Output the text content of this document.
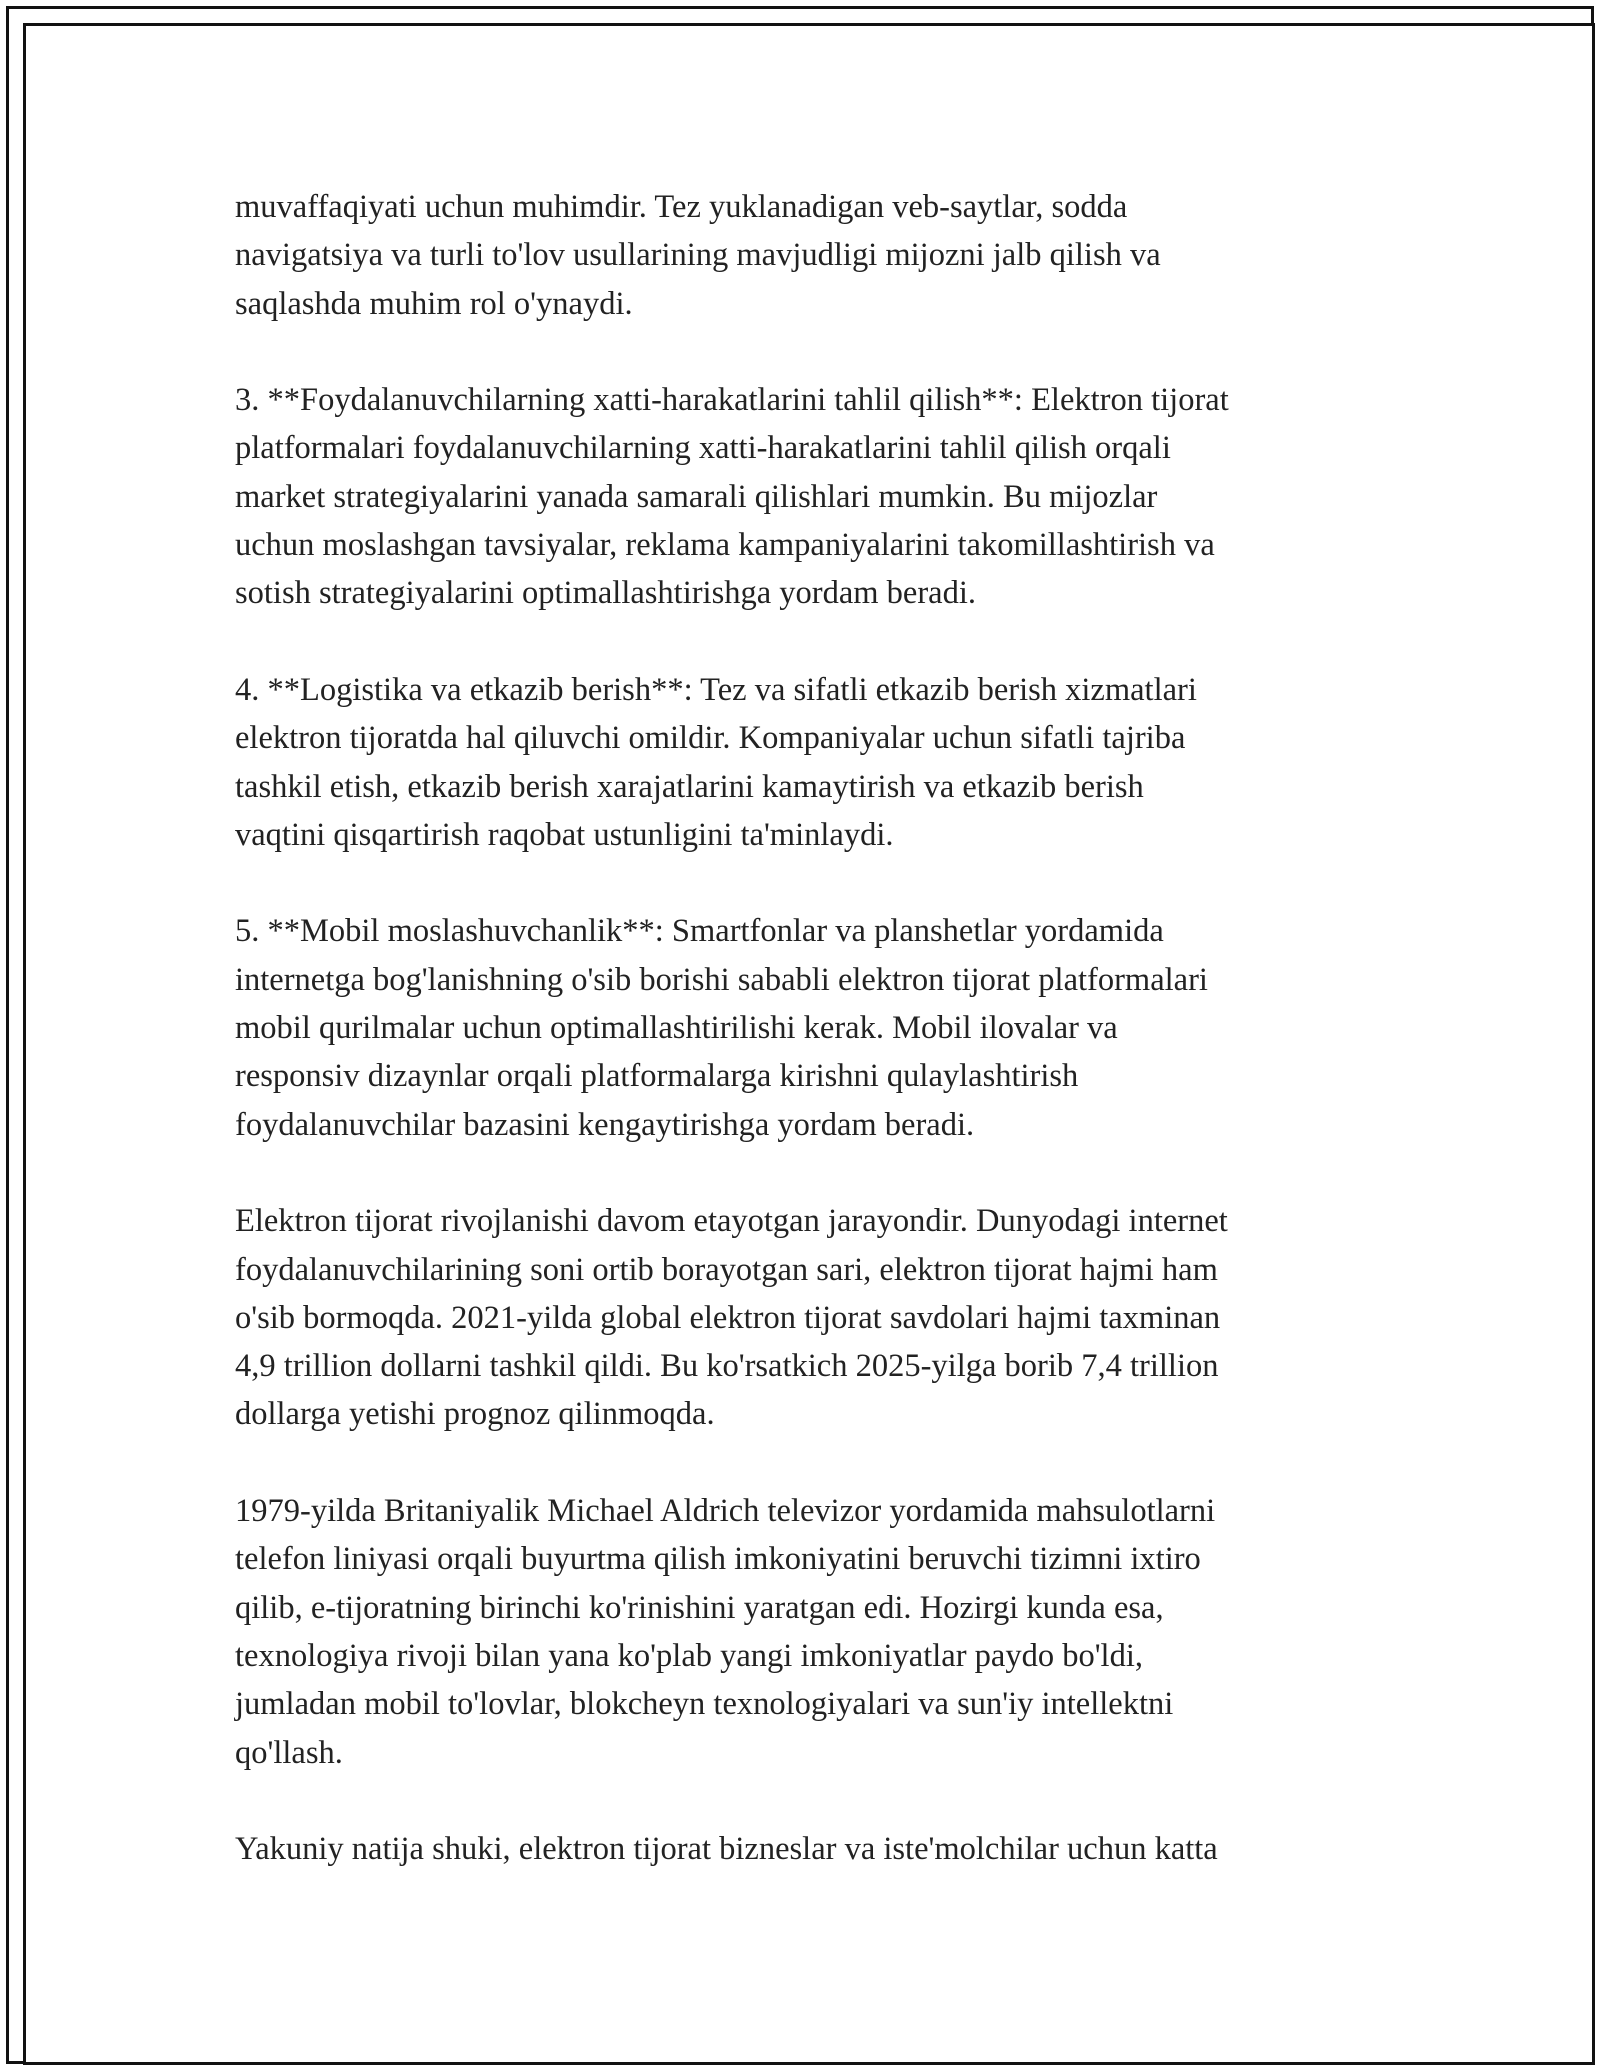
muvaffaqiyati uchun muhimdir. Tez yuklanadigan veb-saytlar, sodda
navigatsiya va turli to'lov usullarining mavjudligi mijozni jalb qilish va
saqlashda muhim rol o'ynaydi.

3. **Foydalanuvchilarning xatti-harakatlarini tahlil qilish**: Elektron tijorat
platformalari foydalanuvchilarning xatti-harakatlarini tahlil qilish orqali
market strategiyalarini yanada samarali qilishlari mumkin. Bu mijozlar
uchun moslashgan tavsiyalar, reklama kampaniyalarini takomillashtirish va
sotish strategiyalarini optimallashtirishga yordam beradi.

4. **Logistika va etkazib berish**: Tez va sifatli etkazib berish xizmatlari
elektron tijoratda hal qiluvchi omildir. Kompaniyalar uchun sifatli tajriba
tashkil etish, etkazib berish xarajatlarini kamaytirish va etkazib berish
vaqtini qisqartirish raqobat ustunligini ta'minlaydi.

5. **Mobil moslashuvchanlik**: Smartfonlar va planshetlar yordamida
internetga bog'lanishning o'sib borishi sababli elektron tijorat platformalari
mobil qurilmalar uchun optimallashtirilishi kerak. Mobil ilovalar va
responsiv dizaynlar orqali platformalarga kirishni qulaylashtirish
foydalanuvchilar bazasini kengaytirishga yordam beradi.

Elektron tijorat rivojlanishi davom etayotgan jarayondir. Dunyodagi internet
foydalanuvchilarining soni ortib borayotgan sari, elektron tijorat hajmi ham
o'sib bormoqda. 2021-yilda global elektron tijorat savdolari hajmi taxminan
4,9 trillion dollarni tashkil qildi. Bu ko'rsatkich 2025-yilga borib 7,4 trillion
dollarga yetishi prognoz qilinmoqda.

1979-yilda Britaniyalik Michael Aldrich televizor yordamida mahsulotlarni
telefon liniyasi orqali buyurtma qilish imkoniyatini beruvchi tizimni ixtiro
qilib, e-tijoratning birinchi ko'rinishini yaratgan edi. Hozirgi kunda esa,
texnologiya rivoji bilan yana ko'plab yangi imkoniyatlar paydo bo'ldi,
jumladan mobil to'lovlar, blokcheyn texnologiyalari va sun'iy intellektni
qo'llash.

Yakuniy natija shuki, elektron tijorat bizneslar va iste'molchilar uchun katta
